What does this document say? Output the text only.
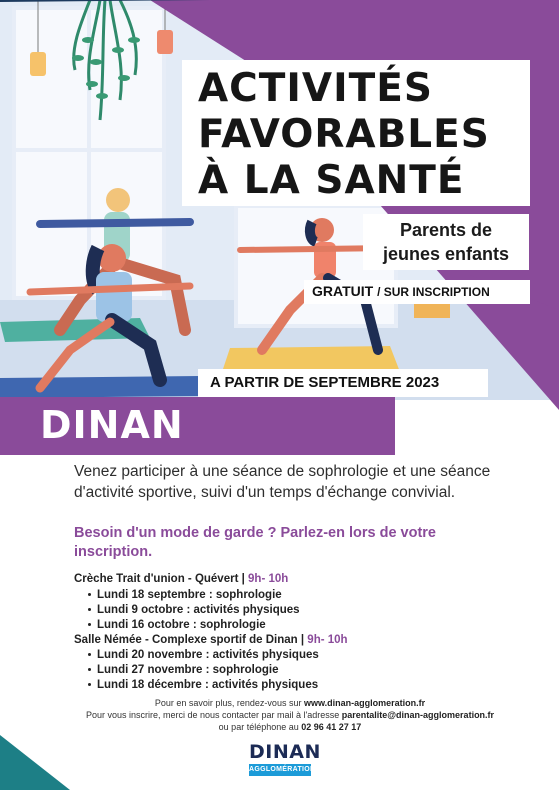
ACTIVITÉS
FAVORABLES
À LA SANTÉ
Parents de
jeunes enfants
GRATUIT / SUR INSCRIPTION
A PARTIR DE SEPTEMBRE 2023
DINAN
Venez participer à une séance de sophrologie et une séance d'activité sportive, suivi d'un temps d'échange convivial.
Besoin d'un mode de garde ? Parlez-en lors de votre inscription.
Crèche Trait d'union - Quévert | 9h- 10h
Lundi 18 septembre : sophrologie
Lundi 9 octobre : activités physiques
Lundi 16 octobre : sophrologie
Salle Némée - Complexe sportif de Dinan | 9h- 10h
Lundi 20 novembre : activités physiques
Lundi 27 novembre : sophrologie
Lundi 18 décembre : activités physiques
Pour en savoir plus, rendez-vous sur www.dinan-agglomeration.fr
Pour vous inscrire, merci de nous contacter par mail à l'adresse parentalite@dinan-agglomeration.fr
ou par téléphone au 02 96 41 27 17
DINAN
AGGLOMÉRATION
